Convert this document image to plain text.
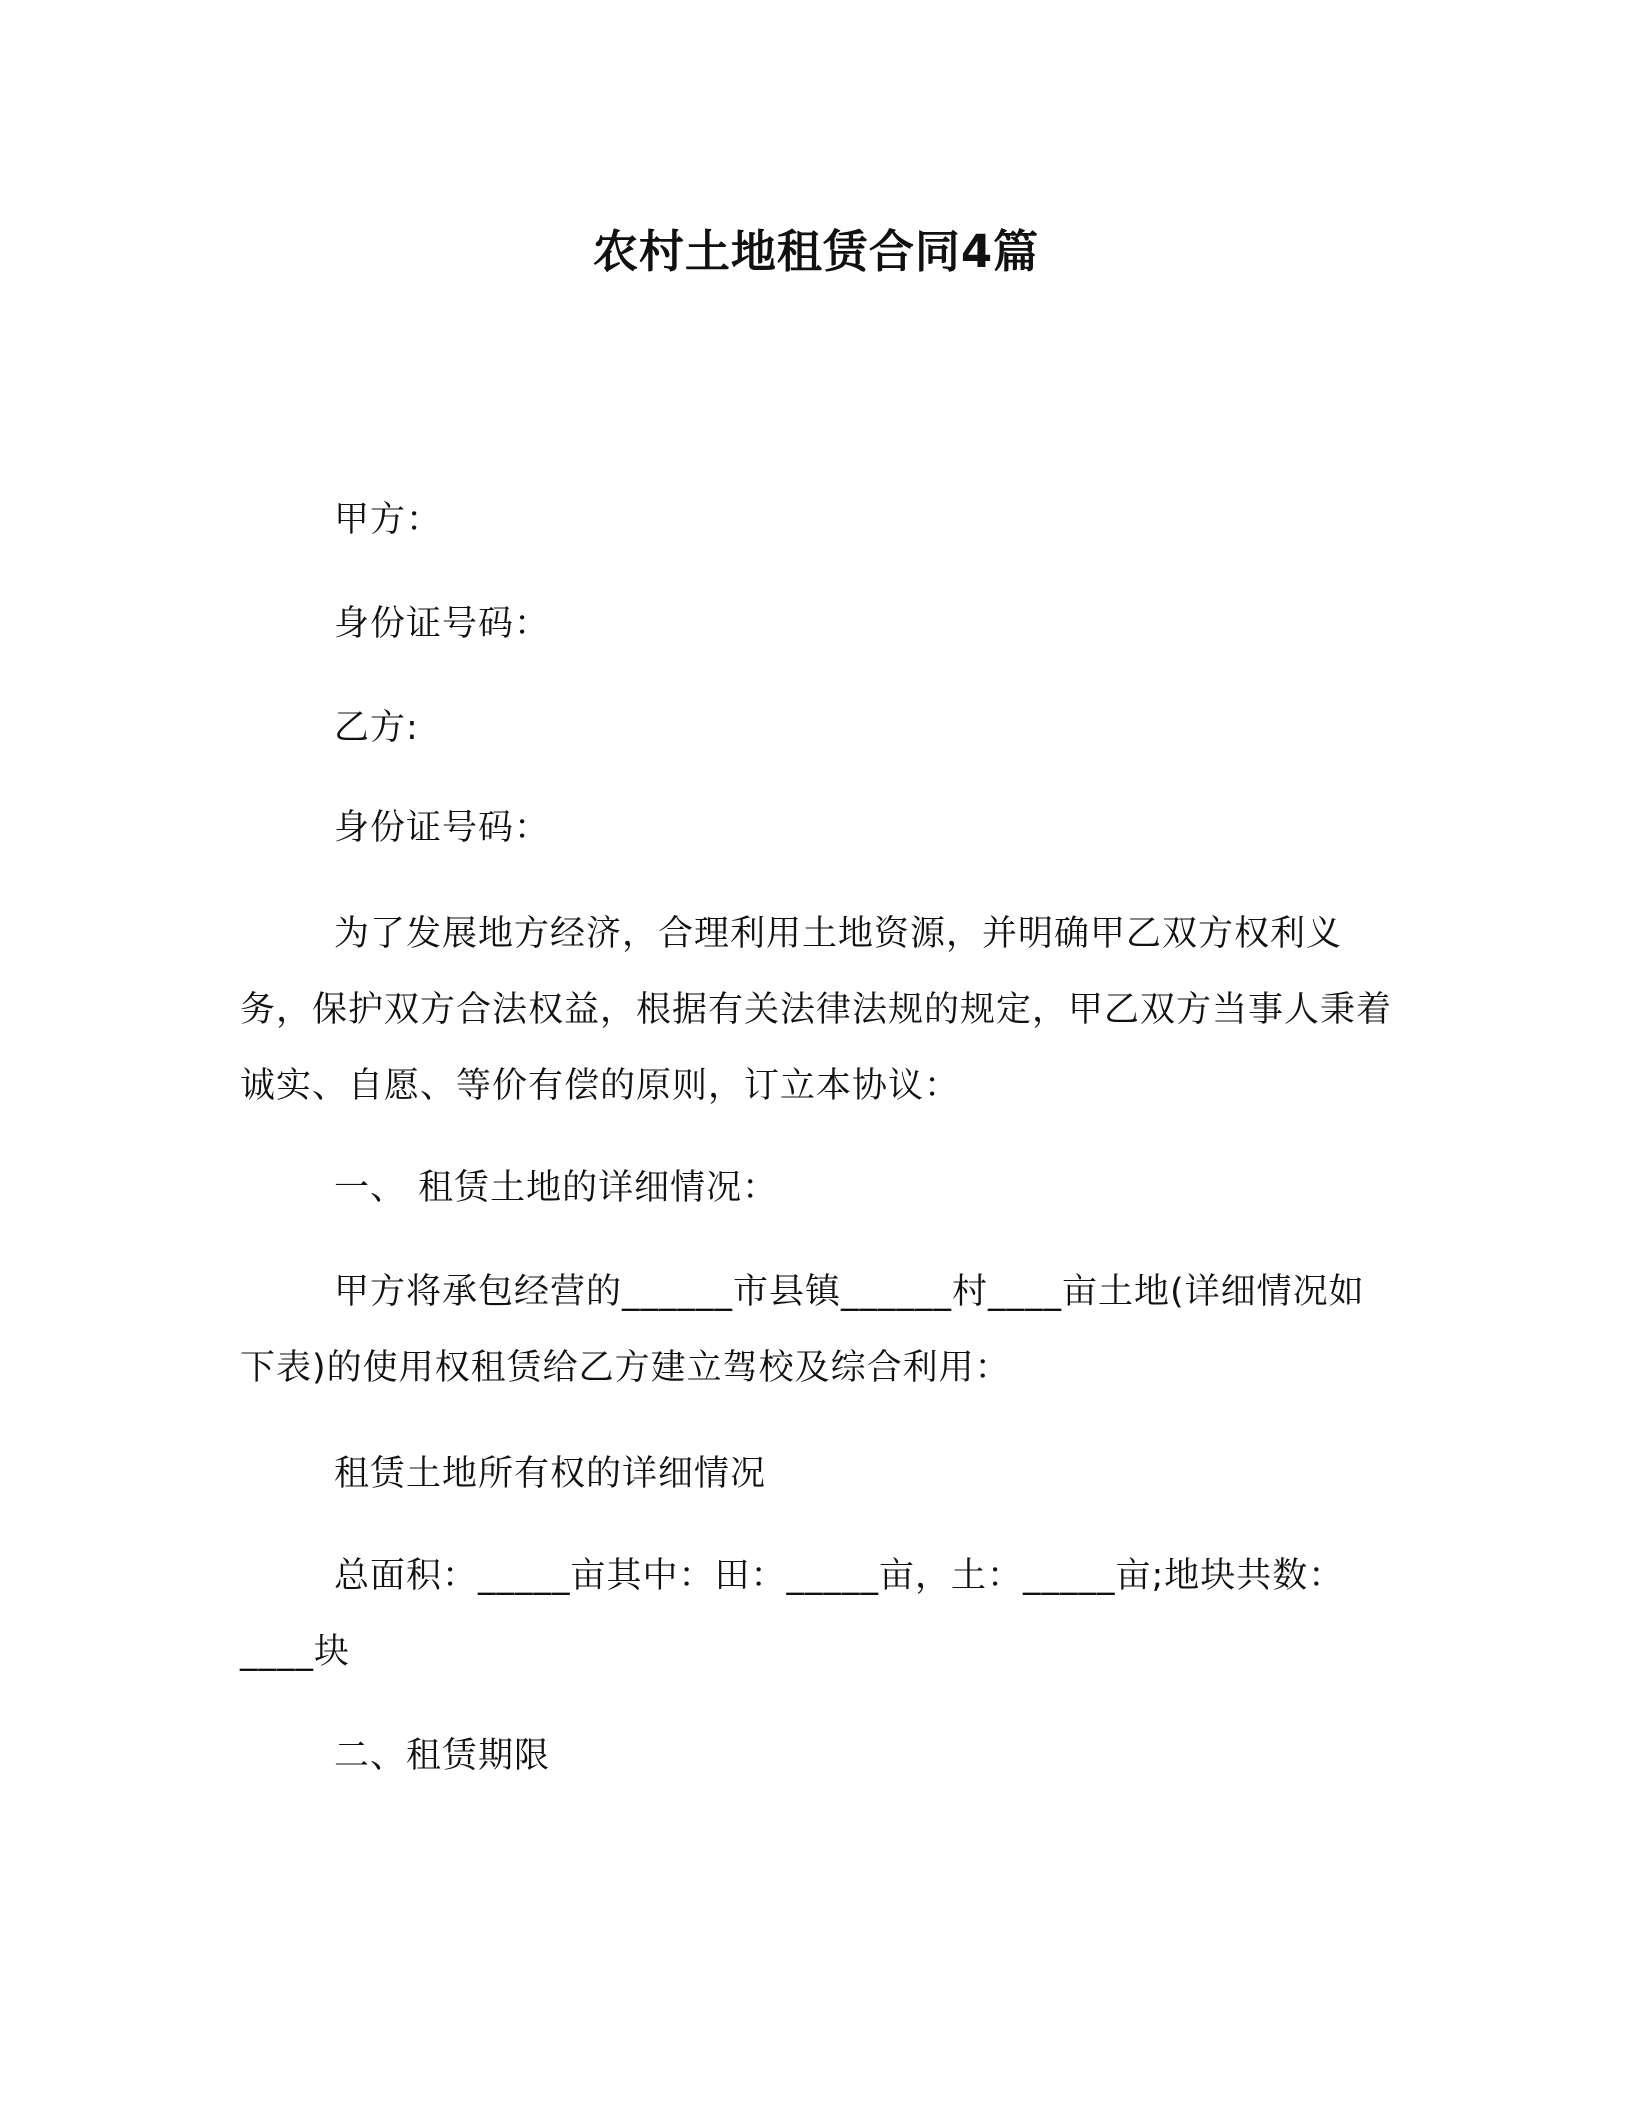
农村土地租赁合同4篇
甲方：
身份证号码：
乙方:
身份证号码：
为了发展地方经济，合理利用土地资源，并明确甲乙双方权利义务，保护双方合法权益，根据有关法律法规的规定，甲乙双方当事人秉着诚实、自愿、等价有偿的原则，订立本协议：
一、 租赁土地的详细情况：
甲方将承包经营的______市县镇______村____亩土地(详细情况如下表)的使用权租赁给乙方建立驾校及综合利用：
租赁土地所有权的详细情况
总面积：_____亩其中：田：_____亩，土：_____亩;地块共数：____块
二、租赁期限
